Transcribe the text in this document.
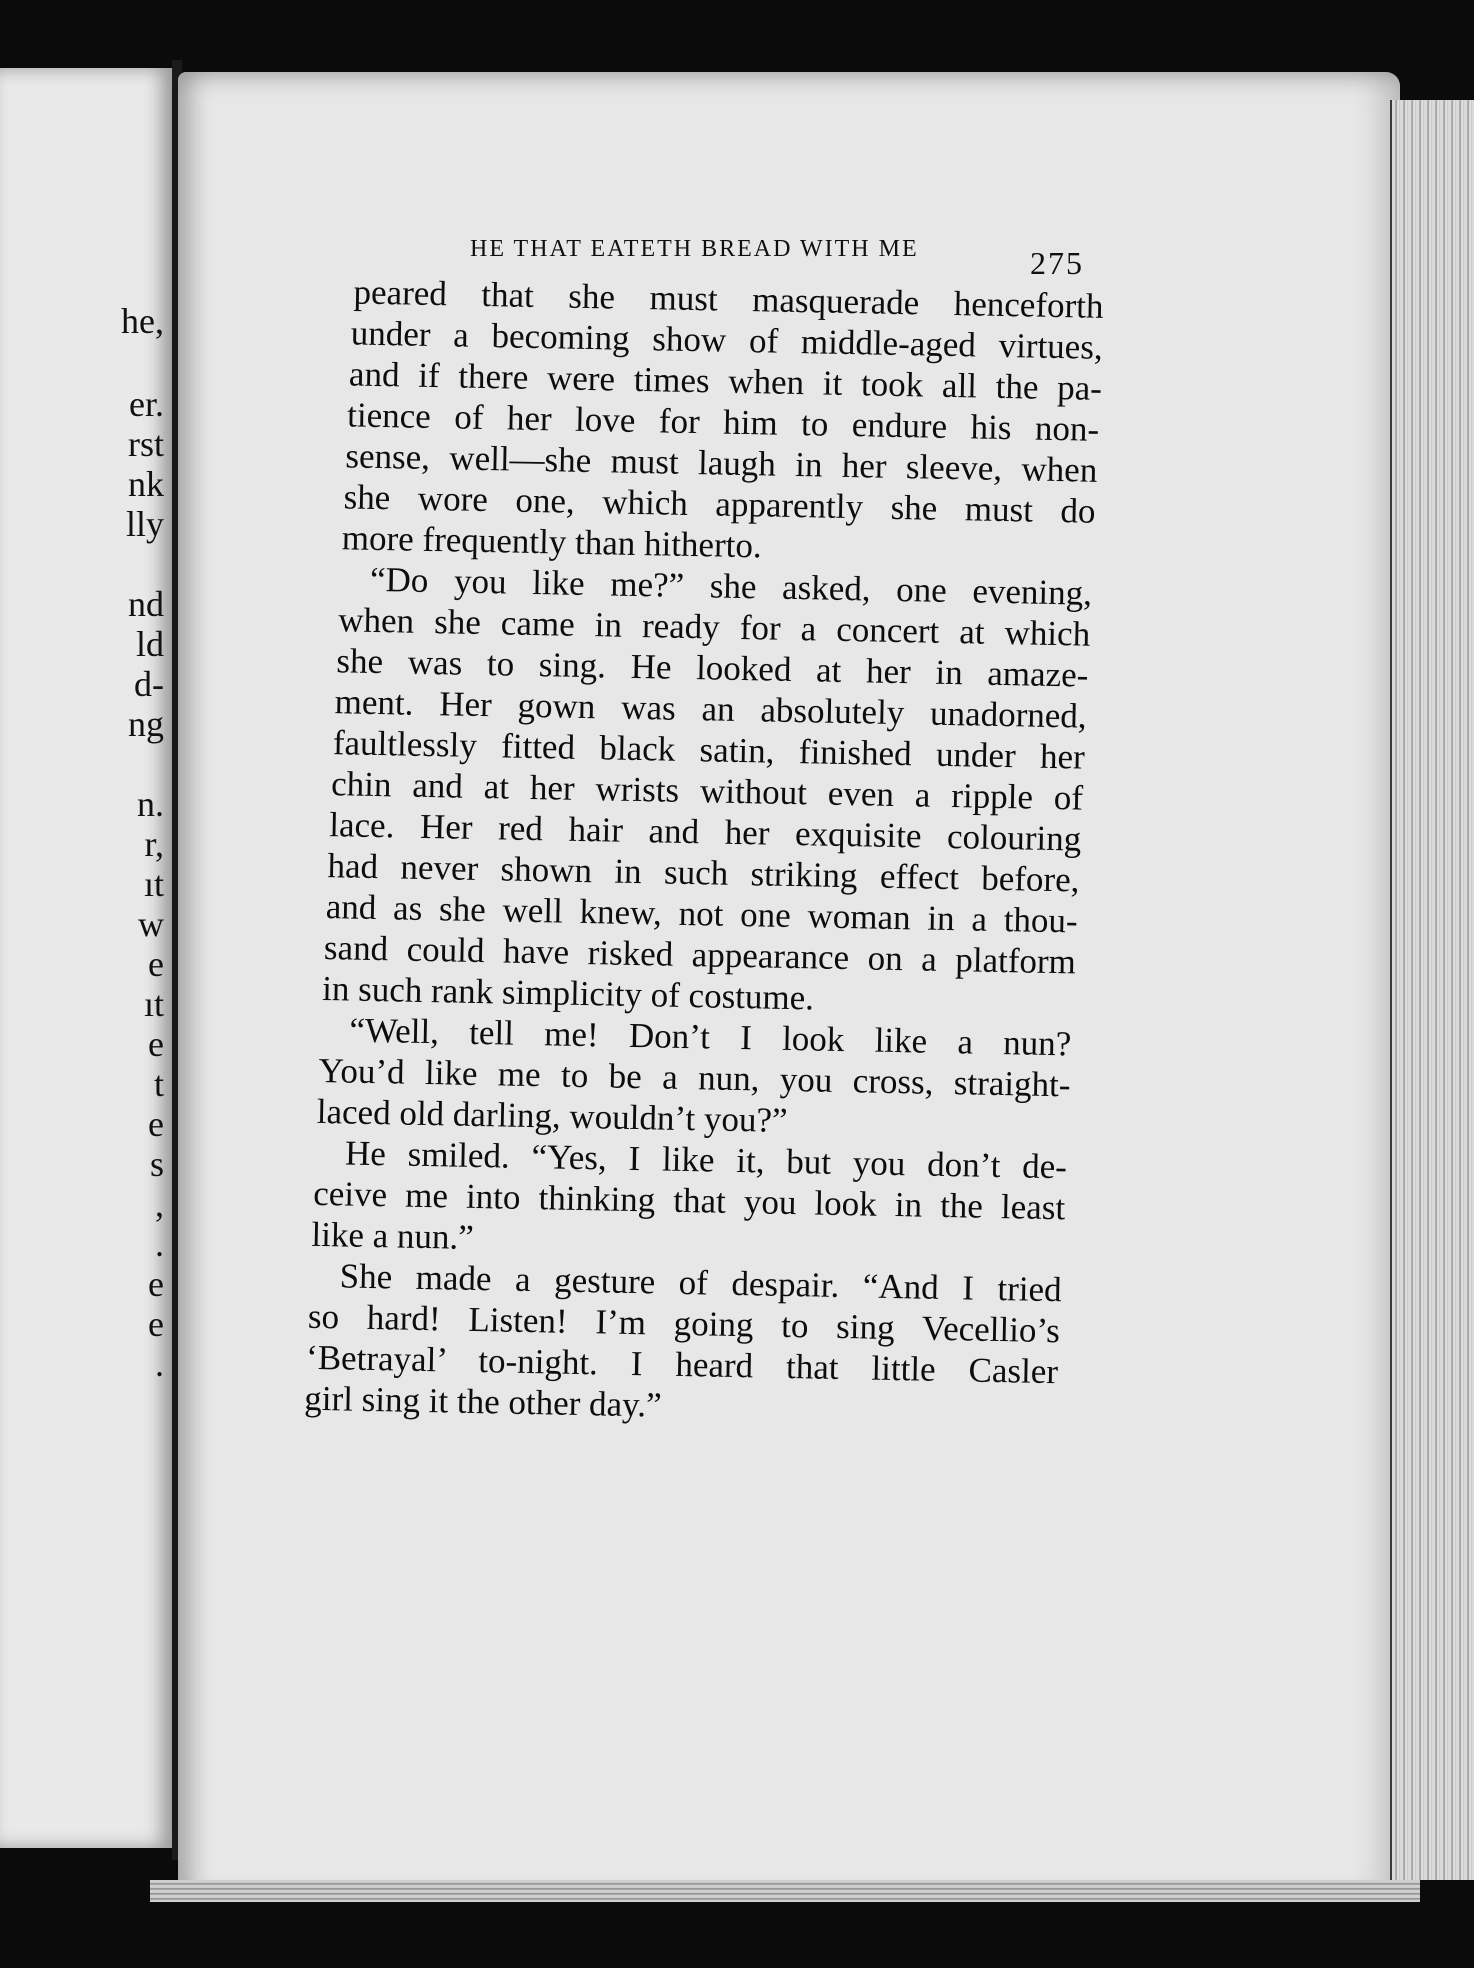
he,
er.
rst
nk
lly
nd
ld
d-
ng
n.
r,
ıt
w
e
ıt
e
t
e
s
,
.
e
e
.
HE THAT EATETH BREAD WITH ME	275
peared that she must masquerade henceforth
under a becoming show of middle-aged virtues,
and if there were times when it took all the pa-
tience of her love for him to endure his non-
sense, well—she must laugh in her sleeve, when
she wore one, which apparently she must do
more frequently than hitherto.
“Do you like me?” she asked, one evening,
when she came in ready for a concert at which
she was to sing. He looked at her in amaze-
ment. Her gown was an absolutely unadorned,
faultlessly fitted black satin, finished under her
chin and at her wrists without even a ripple of
lace. Her red hair and her exquisite colouring
had never shown in such striking effect before,
and as she well knew, not one woman in a thou-
sand could have risked appearance on a platform
in such rank simplicity of costume.
“Well, tell me! Don’t I look like a nun?
You’d like me to be a nun, you cross, straight-
laced old darling, wouldn’t you?”
He smiled. “Yes, I like it, but you don’t de-
ceive me into thinking that you look in the least
like a nun.”
She made a gesture of despair. “And I tried
so hard! Listen! I’m going to sing Vecellio’s
‘Betrayal’ to-night. I heard that little Casler
girl sing it the other day.”
